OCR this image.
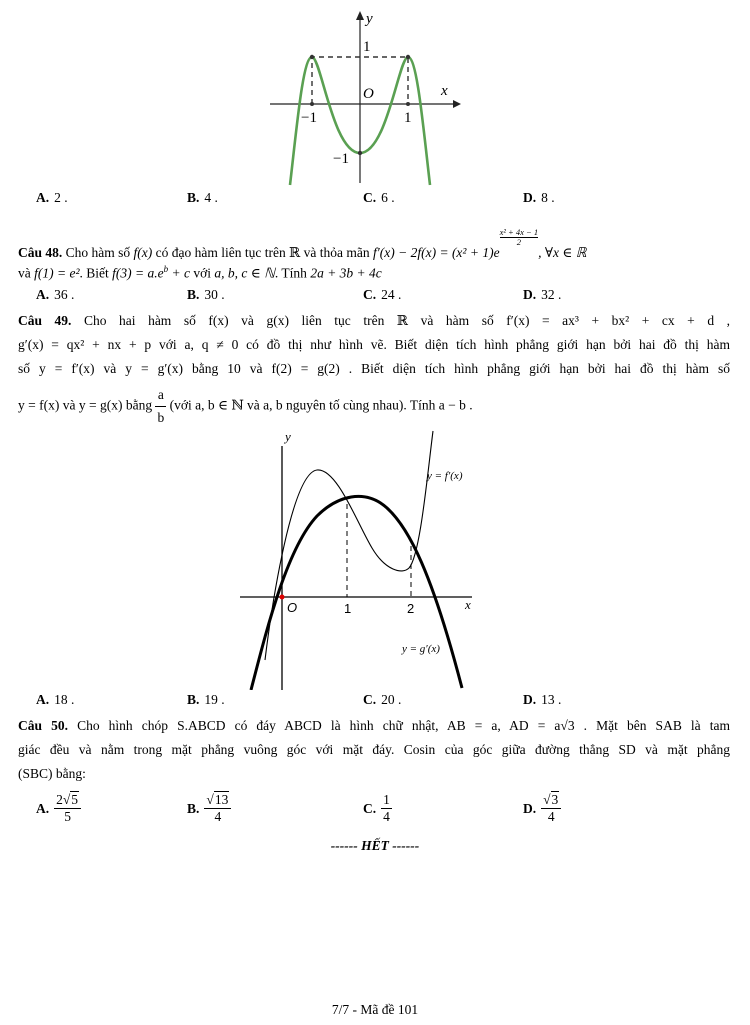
y
x
1
O
−1	1
−1
A. 2 .	B. 4 .	C. 6 .	D. 8 .
Câu 48. Cho hàm số f(x) có đạo hàm liên tục trên ℝ và thỏa mãn f′(x) − 2f(x) = (x² + 1)e
$\frac{\text{x² + 4x − 1}}{2}$
, ∀x ∈ ℝ
và f(1) = e². Biết $f(3) = a.e^b + c$ với a, b, c ∈ ℕ. Tính 2a + 3b + 4c
A. 36 .	B. 30 .	C. 24 .	D. 32 .
Câu 49. Cho hai hàm số f(x) và g(x) liên tục trên ℝ và hàm số f′(x) = ax³ + bx² + cx + d ,
g′(x) = qx² + nx + p với a, q ≠ 0 có đồ thị như hình vẽ. Biết diện tích hình phẳng giới hạn bởi hai đồ thị hàm
số y = f′(x) và y = g′(x) bằng 10 và f(2) = g(2) . Biết diện tích hình phẳng giới hạn bởi hai đồ thị hàm số
y = f(x) và y = g(x) bằng $\frac{a}{b}$ (với a, b ∈ ℕ và a, b nguyên tố cùng nhau). Tính a − b .
y
x
O	1	2
y = f′(x)
y = g′(x)
A. 18 .	B. 19 .	C. 20 .	D. 13 .
Câu 50. Cho hình chóp S.ABCD có đáy ABCD là hình chữ nhật, AB = a, AD = a√3 . Mặt bên SAB là tam
giác đều và nằm trong mặt phẳng vuông góc với mặt đáy. Cosin của góc giữa đường thẳng SD và mặt phẳng
(SBC) bằng:
A. $\frac{2√5}{5}$	B. $\frac{√13}{4}$	C. $\frac{1}{4}$	D. $\frac{√3}{4}$
------ HẾT ------
7/7 - Mã đề 101
